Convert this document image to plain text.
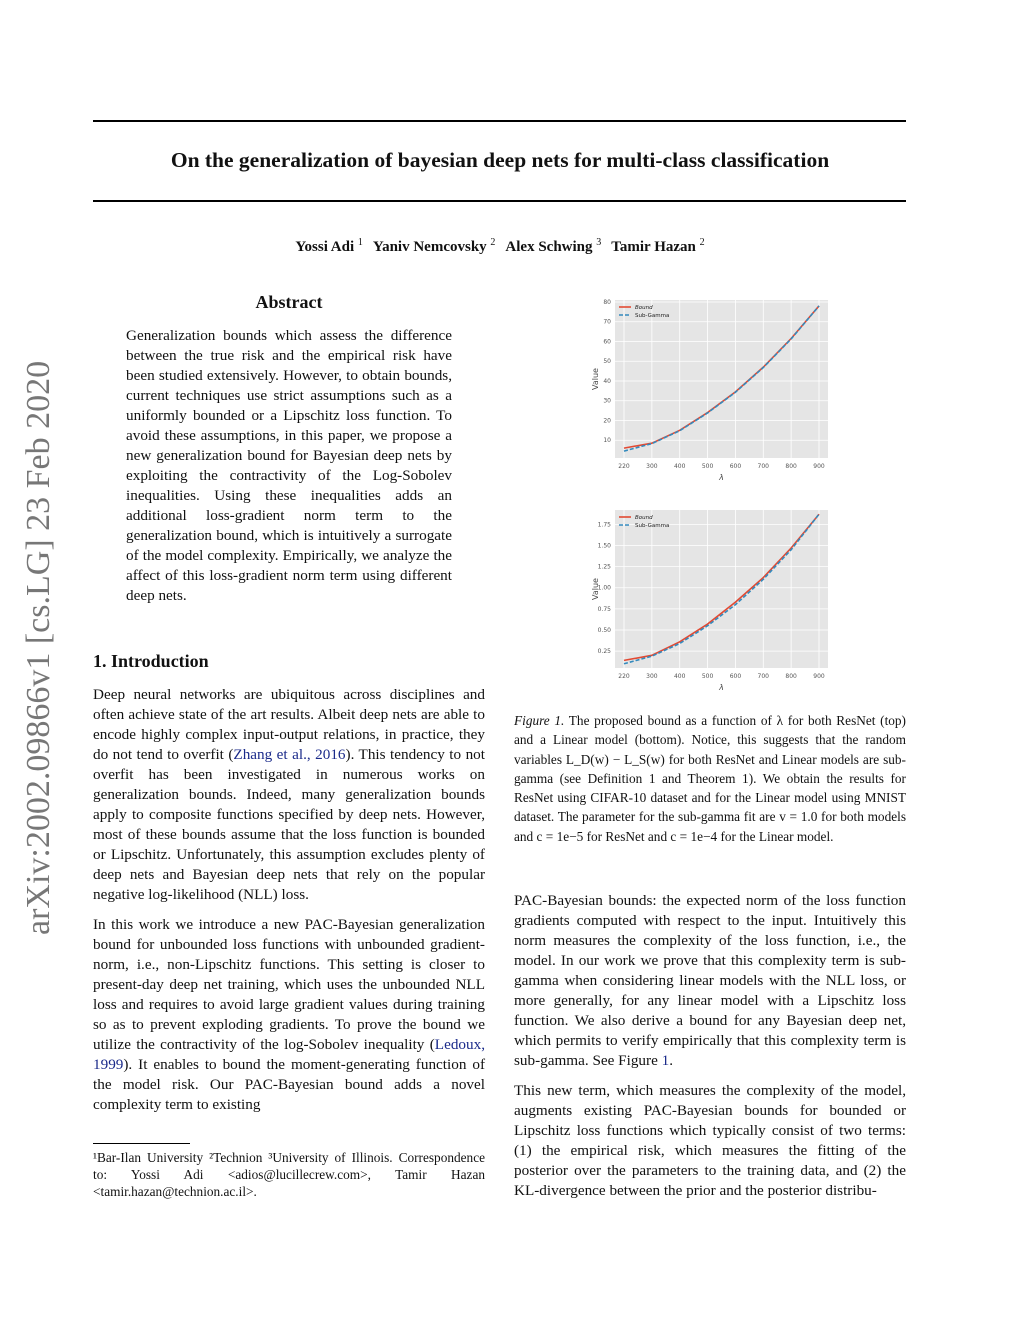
arXiv:2002.09866v1 [cs.LG] 23 Feb 2020
On the generalization of bayesian deep nets for multi-class classification
Yossi Adi $^1$ Yaniv Nemcovsky $^2$ Alex Schwing $^3$ Tamir Hazan $^2$
Abstract

Generalization bounds which assess the difference between the true risk and the empirical risk have been studied extensively. However, to obtain bounds, current techniques use strict assumptions such as a uniformly bounded or a Lipschitz loss function. To avoid these assumptions, in this paper, we propose a new generalization bound for Bayesian deep nets by exploiting the contractivity of the Log-Sobolev inequalities. Using these inequalities adds an additional loss-gradient norm term to the generalization bound, which is intuitively a surrogate of the model complexity. Empirically, we analyze the affect of this loss-gradient norm term using different deep nets.

1. Introduction

Deep neural networks are ubiquitous across disciplines and often achieve state of the art results. Albeit deep nets are able to encode highly complex input-output relations, in practice, they do not tend to overfit (Zhang et al., 2016). This tendency to not overfit has been investigated in numerous works on generalization bounds. Indeed, many generalization bounds apply to composite functions specified by deep nets. However, most of these bounds assume that the loss function is bounded or Lipschitz. Unfortunately, this assumption excludes plenty of deep nets and Bayesian deep nets that rely on the popular negative log-likelihood (NLL) loss.

In this work we introduce a new PAC-Bayesian generalization bound for unbounded loss functions with unbounded gradient-norm, i.e., non-Lipschitz functions. This setting is closer to present-day deep net training, which uses the unbounded NLL loss and requires to avoid large gradient values during training so as to prevent exploding gradients. To prove the bound we utilize the contractivity of the log-Sobolev inequality (Ledoux, 1999). It enables to bound the moment-generating function of the model risk. Our PAC-Bayesian bound adds a novel complexity term to existing

¹Bar-Ilan University ²Technion ³University of Illinois. Correspondence to: Yossi Adi <adios@lucillecrew.com>, Tamir Hazan <tamir.hazan@technion.ac.il>.
10
20
30
40
50
60
70
80
220	300	400	500	600	700	800	900
λ
Value
Bound
Sub-Gamma
0.25
0.50
0.75
1.00
1.25
1.50
1.75
220	300	400	500	600	700	800	900
λ
Value
Bound
Sub-Gamma
Figure 1. The proposed bound as a function of λ for both ResNet (top) and a Linear model (bottom). Notice, this suggests that the random variables L_D(w) − L_S(w) for both ResNet and Linear models are sub-gamma (see Definition 1 and Theorem 1). We obtain the results for ResNet using CIFAR-10 dataset and for the Linear model using MNIST dataset. The parameter for the sub-gamma fit are v = 1.0 for both models and c = 1e−5 for ResNet and c = 1e−4 for the Linear model.

PAC-Bayesian bounds: the expected norm of the loss function gradients computed with respect to the input. Intuitively this norm measures the complexity of the loss function, i.e., the model. In our work we prove that this complexity term is sub-gamma when considering linear models with the NLL loss, or more generally, for any linear model with a Lipschitz loss function. We also derive a bound for any Bayesian deep net, which permits to verify empirically that this complexity term is sub-gamma. See Figure 1.

This new term, which measures the complexity of the model, augments existing PAC-Bayesian bounds for bounded or Lipschitz loss functions which typically consist of two terms: (1) the empirical risk, which measures the fitting of the posterior over the parameters to the training data, and (2) the KL-divergence between the prior and the posterior distribu-
